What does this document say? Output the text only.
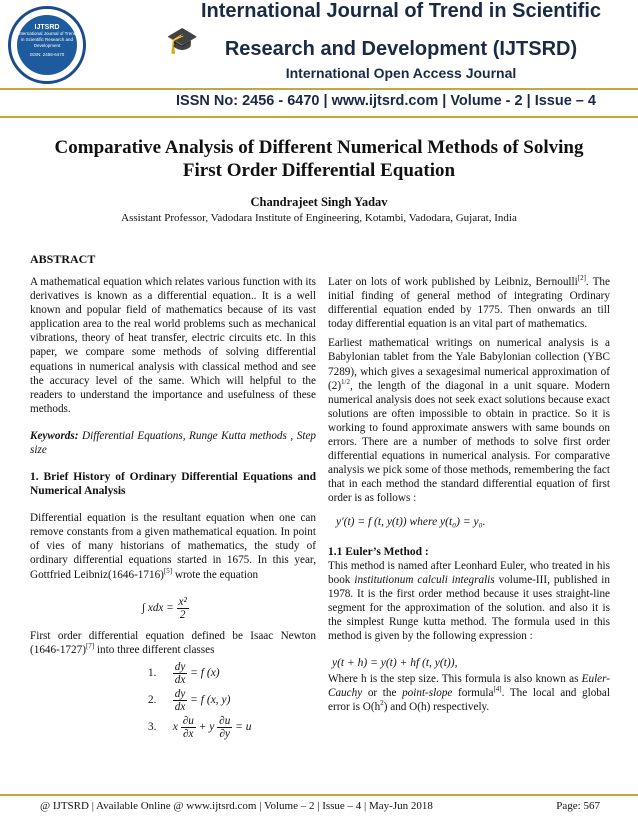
IJTSRD
International Journal of Trend in Scientific Research and Development
ISSN: 2456-6470	🎓
International Journal of Trend in Scientific
Research and Development (IJTSRD)
International Open Access Journal
ISSN No: 2456 - 6470 | www.ijtsrd.com | Volume - 2 | Issue – 4
Comparative Analysis of Different Numerical Methods of Solving
First Order Differential Equation
Chandrajeet Singh Yadav
Assistant Professor, Vadodara Institute of Engineering, Kotambi, Vadodara, Gujarat, India
ABSTRACT

A mathematical equation which relates various function with its derivatives is known as a differential equation.. It is a well known and popular field of mathematics because of its vast application area to the real world problems such as mechanical vibrations, theory of heat transfer, electric circuits etc. In this paper, we compare some methods of solving differential equations in numerical analysis with classical method and see the accuracy level of the same. Which will helpful to the readers to understand the importance and usefulness of these methods.

Keywords: Differential Equations, Runge Kutta methods , Step size

1. Brief History of Ordinary Differential Equations and Numerical Analysis

Differential equation is the resultant equation when one can remove constants from a given mathematical equation. In point of vies of many historians of mathematics, the study of ordinary differential equations started in 1675. In this year, Gottfried Leibniz(1646-1716)[5] wrote the equation

∫ xdx = $\frac{\text{x²}}{2}$

First order differential equation defined be Isaac Newton (1646-1727)[7] into three different classes

1. $\frac{dy}{dx} = f$ (x)
2. $\frac{dy}{dx} = f$ (x, y)
3. x $\frac{\partial u}{\partial x} + y \frac{\partial u}{\partial y} = u$

Later on lots of work published by Leibniz, Bernoulli[2]. The initial finding of general method of integrating Ordinary differential equation ended by 1775. Then onwards an till today differential equation is an vital part of mathematics.

Earliest mathematical writings on numerical analysis is a Babylonian tablet from the Yale Babylonian collection (YBC 7289), which gives a sexagesimal numerical approximation of $(2)^{1/2}$, the length of the diagonal in a unit square. Modern numerical analysis does not seek exact solutions because exact solutions are often impossible to obtain in practice. So it is working to found approximate answers with same bounds on errors. There are a number of methods to solve first order differential equations in numerical analysis. For comparative analysis we pick some of those methods, remembering the fact that in each method the standard differential equation of first order is as follows :

y′(t) = f (t, y(t)) where y(t₀) = y₀.

1.1 Euler’s Method :

This method is named after Leonhard Euler, who treated in his book institutionum calculi integralis volume-III, published in 1978. It is the first order method because it uses straight-line segment for the approximation of the solution. and also it is the simplest Runge kutta method. The formula used in this method is given by the following expression :

y(t + h) = y(t) + hf (t, y(t)),

Where h is the step size. This formula is also known as Euler-Cauchy or the point-slope formula[4]. The local and global error is $O(h^2)$ and O(h) respectively.

@ IJTSRD | Available Online @ www.ijtsrd.com | Volume – 2 | Issue – 4 | May-Jun 2018	Page: 567
